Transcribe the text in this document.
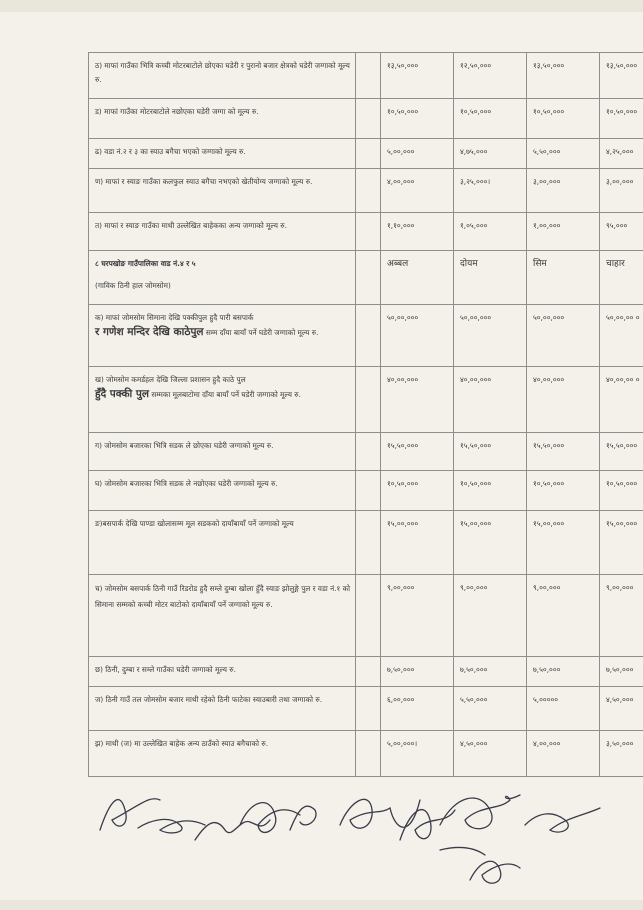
ठ) माफां गाउँका भित्रि कच्ची मोटरबाटोले छोएका घडेरी र पुरानो बजार क्षेत्रको घडेरी जग्गाको मूल्य रु.		१३,५०,०००	१२,५०,०००	१३,५०,०००	१३,५०,०००
ड) माफां गाउँका मोटरबाटोले नछोएका घडेरी जग्गा को मूल्य रु.		१०,५०,०००	१०,५०,०००	१०,५०,०००	१०,५०,०००
ढ) वडा नं.२ र ३ का स्याउ बगैचा भएको जग्गाको मूल्य रु.		५,००,०००	४,७५,०००	५,५०,०००	४,२५,०००
ण) माफां र स्याङ गाउँका कलफुल स्याउ बगैचा नभएको खेतीयोग्य जग्गाको मूल्य रु.		४,००,०००	३,२५,०००।	३,००,०००	३,००,०००
त) माफां र स्याङ गाउँका माथी उल्लेखित बाहेकका अन्य जग्गाको मूल्य रु.		१,१०,०००	१,०५,०००	१,००,०००	९५,०००
८ घरपखोङ गाउँपालिका वाड नं.४ र ५
(गाविक ठिनी हाल जोमसोम)		अब्बल	दोयम	सिम	चाहार
क) माफां जोमसोम सिमाना देखि पक्कीपुल हुदै पारी बसपार्क
र गणेश मन्दिर देखि काठेपुल सम्म दाँया बायाँ पर्ने घडेरी जग्गाको मूल्य रु.		५०,००,०००	५०,००,०००	५०,००,०००	५०,००,०० ०
ख) जोमसोम कमर्डहल देखि जिल्ला प्रशासन हुदै काठे पुल
हुँदै पक्की पुल सम्मका मूलबाटोमा दाँया बायाँ पर्ने घडेरी जग्गाको मूल्य रु.		४०,००,०००	४०,००,०००	४०,००,०००	४०,००,०० ०
ग) जोमसोम बजारका भित्रि सडक ले छोएका घडेरी जग्गाको मूल्य रु.		१५,५०,०००	१५,५०,०००	१५,५०,०००	१५,५०,०००
घ) जोमसोम बजारका भित्रि सडक ले नछोएका घडेरी जग्गाको मूल्य रु.		१०,५०,०००	१०,५०,०००	१०,५०,०००	१०,५०,०००
ङ)बसपार्क देखि पाण्डा खोलासम्म मूल सडकको दायाँबायाँ पर्ने जग्गाको मूल्य		१५,००,०००	१५,००,०००	१५,००,०००	१५,००,०००
च) जोमसोम बसपार्क ठिनी गाउँ रिडरोड हुदै सम्ले दुम्बा खोला हुँदै स्याङ झोलुङ्गे पुल र वडा नं.१ को सिमाना सम्मको कच्ची मोटर बाटोको दायाँबायाँ पर्ने जग्गाको मूल्य रु.		९,००,०००	९,००,०००	९,००,०००	९,००,०००
छ) ठिनी, दुम्बा र सम्ले गाउँका घडेरी जग्गाको मूल्य रु.		७,५०,०००	७,५०,०००	७,५०,०००	७,५०,०००
ज) ठिनी गाउँ तल जोमसोम बजार माथी रहेको ठिनी फाटेका स्याउबारी तथा जग्गाको रु.		६,००,०००	५,५०,०००	५,०००००	४,५०,०००
झ) माथी (ज) मा उल्लेखित बाहेक अन्य ठाउँको स्याउ बगैचाको रु.		५,००,०००।	४,५०,०००	४,००,०००	३,५०,०००
